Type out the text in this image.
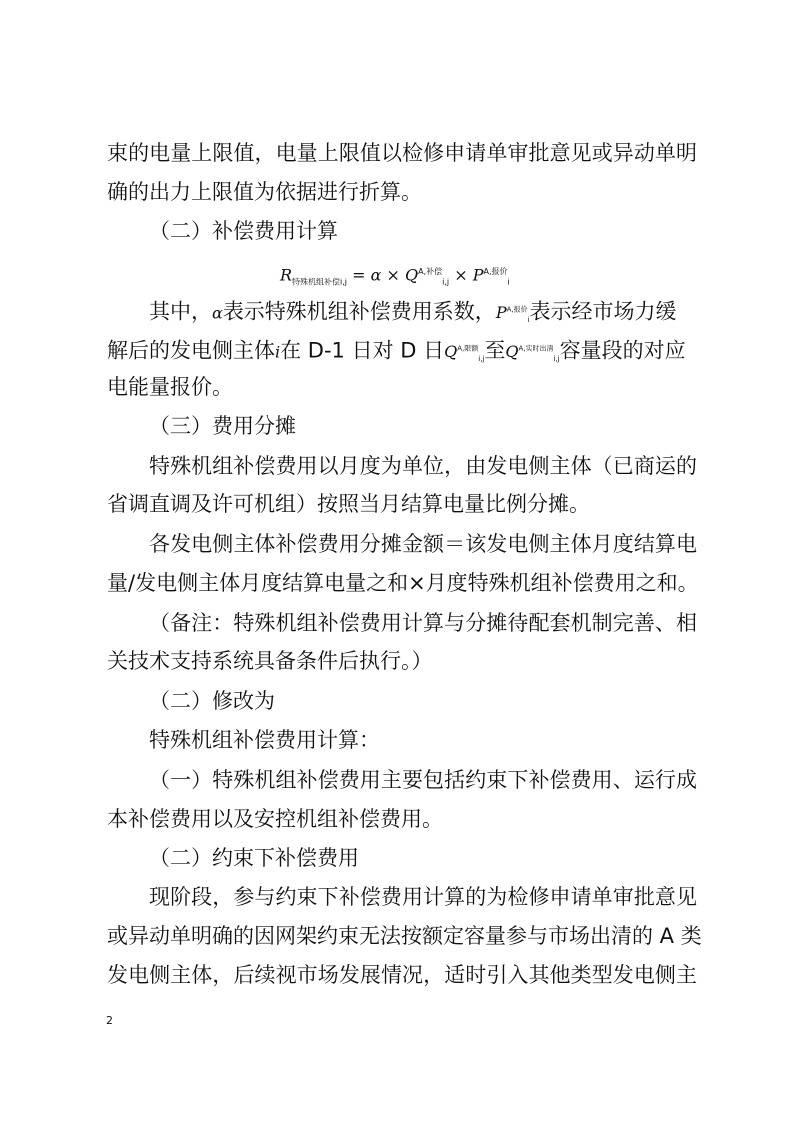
束的电量上限值，电量上限值以检修申请单审批意见或异动单明
确的出力上限值为依据进行折算。
（二）补偿费用计算
$R_{特殊机组补偿i,j} = \alpha \times Q^{A,补偿}_{i,j} \times P^{A,报价}_i$
其中，α表示特殊机组补偿费用系数，$P^{A,报价}_i$表示经市场力缓
解后的发电侧主体i在 D-1 日对 D 日$Q^{A,限额}_{i,j}$至$Q^{A,实时出清}_{i,j}$容量段的对应
电能量报价。
（三）费用分摊
特殊机组补偿费用以月度为单位，由发电侧主体（已商运的
省调直调及许可机组）按照当月结算电量比例分摊。
各发电侧主体补偿费用分摊金额＝该发电侧主体月度结算电
量/发电侧主体月度结算电量之和×月度特殊机组补偿费用之和。
（备注：特殊机组补偿费用计算与分摊待配套机制完善、相
关技术支持系统具备条件后执行。）
（二）修改为
特殊机组补偿费用计算：
（一）特殊机组补偿费用主要包括约束下补偿费用、运行成
本补偿费用以及安控机组补偿费用。
（二）约束下补偿费用
现阶段，参与约束下补偿费用计算的为检修申请单审批意见
或异动单明确的因网架约束无法按额定容量参与市场出清的 A 类
发电侧主体，后续视市场发展情况，适时引入其他类型发电侧主
2
